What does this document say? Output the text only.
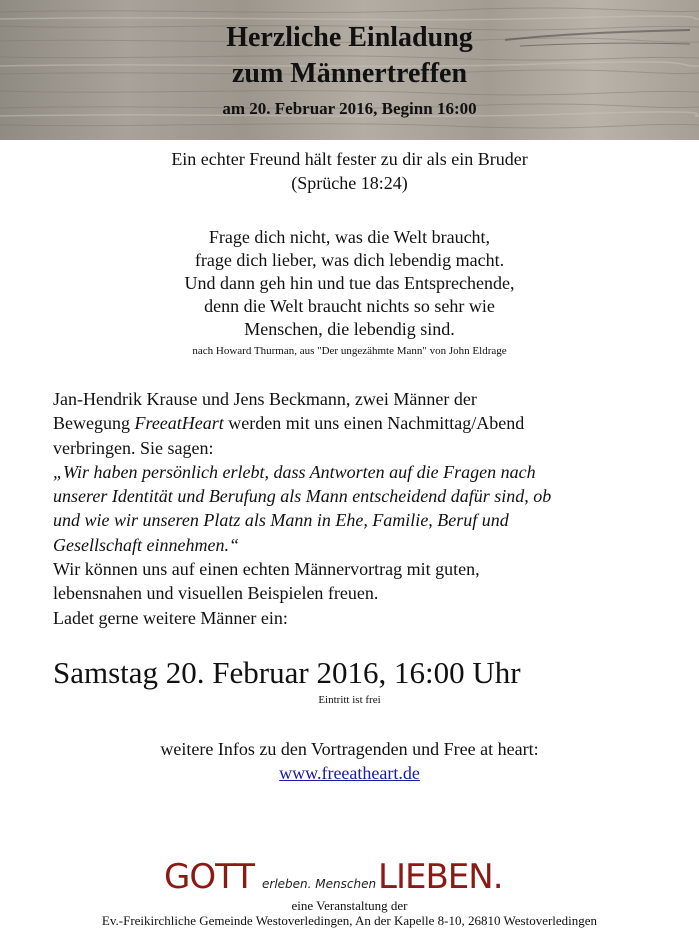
Herzliche Einladung
zum Männertreffen
am 20. Februar 2016, Beginn 16:00
Ein echter Freund hält fester zu dir als ein Bruder
(Sprüche 18:24)
Frage dich nicht, was die Welt braucht,
frage dich lieber, was dich lebendig macht.
Und dann geh hin und tue das Entsprechende,
denn die Welt braucht nichts so sehr wie
Menschen, die lebendig sind.
nach Howard Thurman, aus "Der ungezähmte Mann" von John Eldrage
Jan-Hendrik Krause und Jens Beckmann, zwei Männer der
Bewegung FreeatHeart werden mit uns einen Nachmittag/Abend
verbringen. Sie sagen:
„Wir haben persönlich erlebt, dass Antworten auf die Fragen nach
unserer Identität und Berufung als Mann entscheidend dafür sind, ob
und wie wir unseren Platz als Mann in Ehe, Familie, Beruf und
Gesellschaft einnehmen.“
Wir können uns auf einen echten Männervortrag mit guten,
lebensnahen und visuellen Beispielen freuen.
Ladet gerne weitere Männer ein:
Samstag 20. Februar 2016, 16:00 Uhr
Eintritt ist frei
weitere Infos zu den Vortragenden und Free at heart:
www.freeatheart.de
GOTT erleben. Menschen LIEBEN.
eine Veranstaltung der
Ev.-Freikirchliche Gemeinde Westoverledingen, An der Kapelle 8-10, 26810 Westoverledingen
